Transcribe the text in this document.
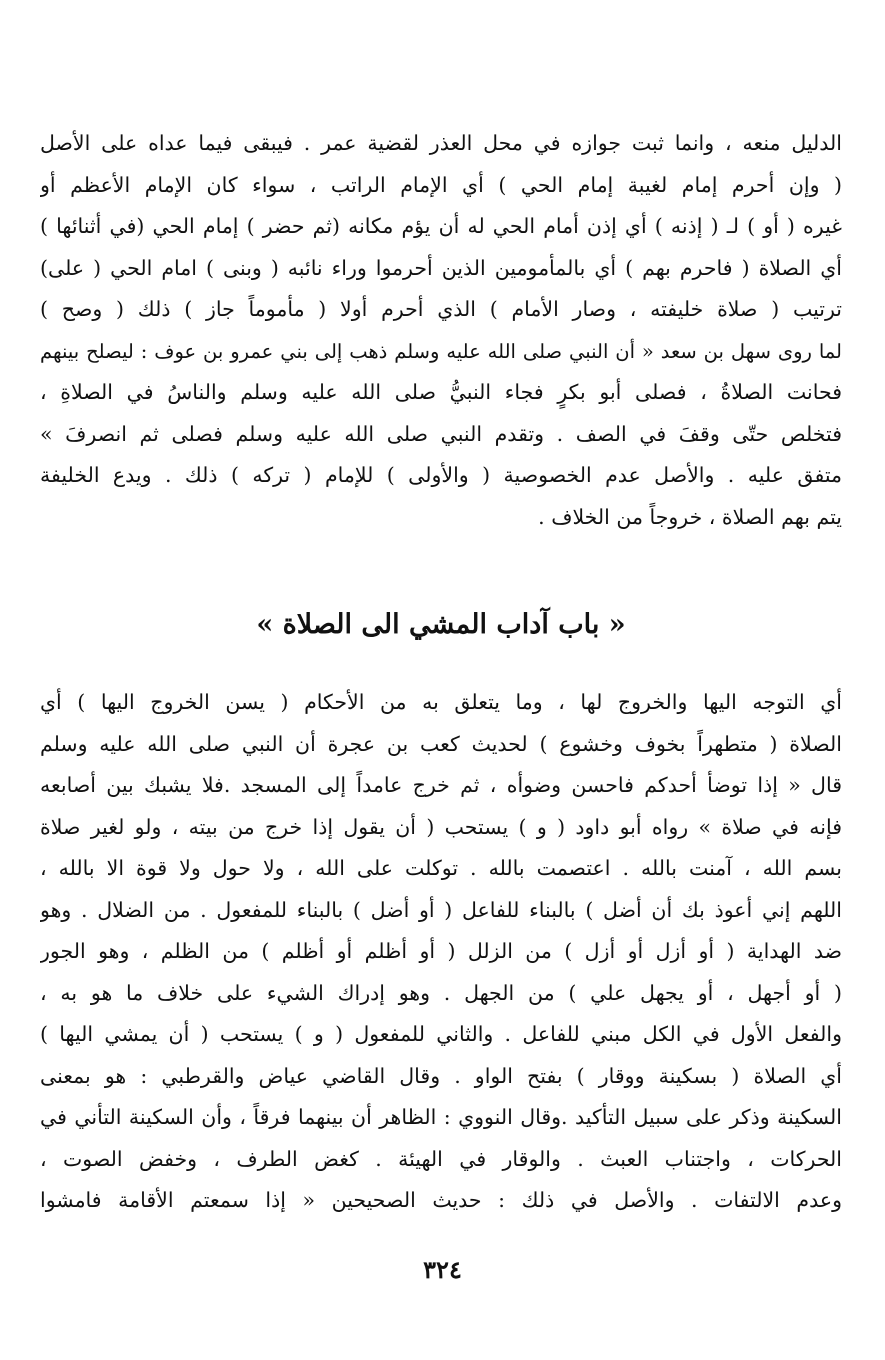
الدليل منعه ، وانما ثبت جوازه في محل العذر لقضية عمر . فيبقى فيما عداه على الأصل
( وإن أحرم إمام لغيبة إمام الحي ) أي الإمام الراتب ، سواء كان الإمام الأعظم أو
غيره ( أو ) لـ ( إذنه ) أي إذن أمام الحي له أن يؤم مكانه (ثم حضر ) إمام الحي (في أثنائها )
أي الصلاة ( فاحرم بهم ) أي بالمأمومين الذين أحرموا وراء نائبه ( وبنى ) امام الحي ( على)
ترتيب ( صلاة خليفته ، وصار الأمام ) الذي أحرم أولا ( مأموماً جاز ) ذلك ( وصح )
لما روى سهل بن سعد « أن النبي صلى الله عليه وسلم ذهب إلى بني عمرو بن عوف : ليصلح بينهم
فحانت الصلاةُ ، فصلى أبو بكرٍ فجاء النبيُّ صلى الله عليه وسلم والناسُ في الصلاةِ ،
فتخلص حتّى وقفَ في الصف . وتقدم النبي صلى الله عليه وسلم فصلى ثم انصرفَ »
متفق عليه . والأصل عدم الخصوصية ( والأولى ) للإمام ( تركه ) ذلك . ويدع الخليفة
يتم بهم الصلاة ، خروجاً من الخلاف .
« باب آداب المشي الى الصلاة »
أي التوجه اليها والخروج لها ، وما يتعلق به من الأحكام ( يسن الخروج اليها ) أي
الصلاة ( متطهراً بخوف وخشوع ) لحديث كعب بن عجرة أن النبي صلى الله عليه وسلم
قال « إذا توضأ أحدكم فاحسن وضوأه ، ثم خرج عامداً إلى المسجد .فلا يشبك بين أصابعه
فإنه في صلاة » رواه أبو داود ( و ) يستحب ( أن يقول إذا خرج من بيته ، ولو لغير صلاة
بسم الله ، آمنت بالله . اعتصمت بالله . توكلت على الله ، ولا حول ولا قوة الا بالله ،
اللهم إني أعوذ بك أن أضل ) بالبناء للفاعل ( أو أضل ) بالبناء للمفعول . من الضلال . وهو
ضد الهداية ( أو أزل أو أزل ) من الزلل ( أو أظلم أو أظلم ) من الظلم ، وهو الجور
( أو أجهل ، أو يجهل علي ) من الجهل . وهو إدراك الشيء على خلاف ما هو به ،
والفعل الأول في الكل مبني للفاعل . والثاني للمفعول ( و ) يستحب ( أن يمشي اليها )
أي الصلاة ( بسكينة ووقار ) بفتح الواو . وقال القاضي عياض والقرطبي : هو بمعنى
السكينة وذكر على سبيل التأكيد .وقال النووي : الظاهر أن بينهما فرقاً ، وأن السكينة التأني في
الحركات ، واجتناب العبث . والوقار في الهيئة . كغض الطرف ، وخفض الصوت ،
وعدم الالتفات . والأصل في ذلك : حديث الصحيحين « إذا سمعتم الأقامة فامشوا
٣٢٤
